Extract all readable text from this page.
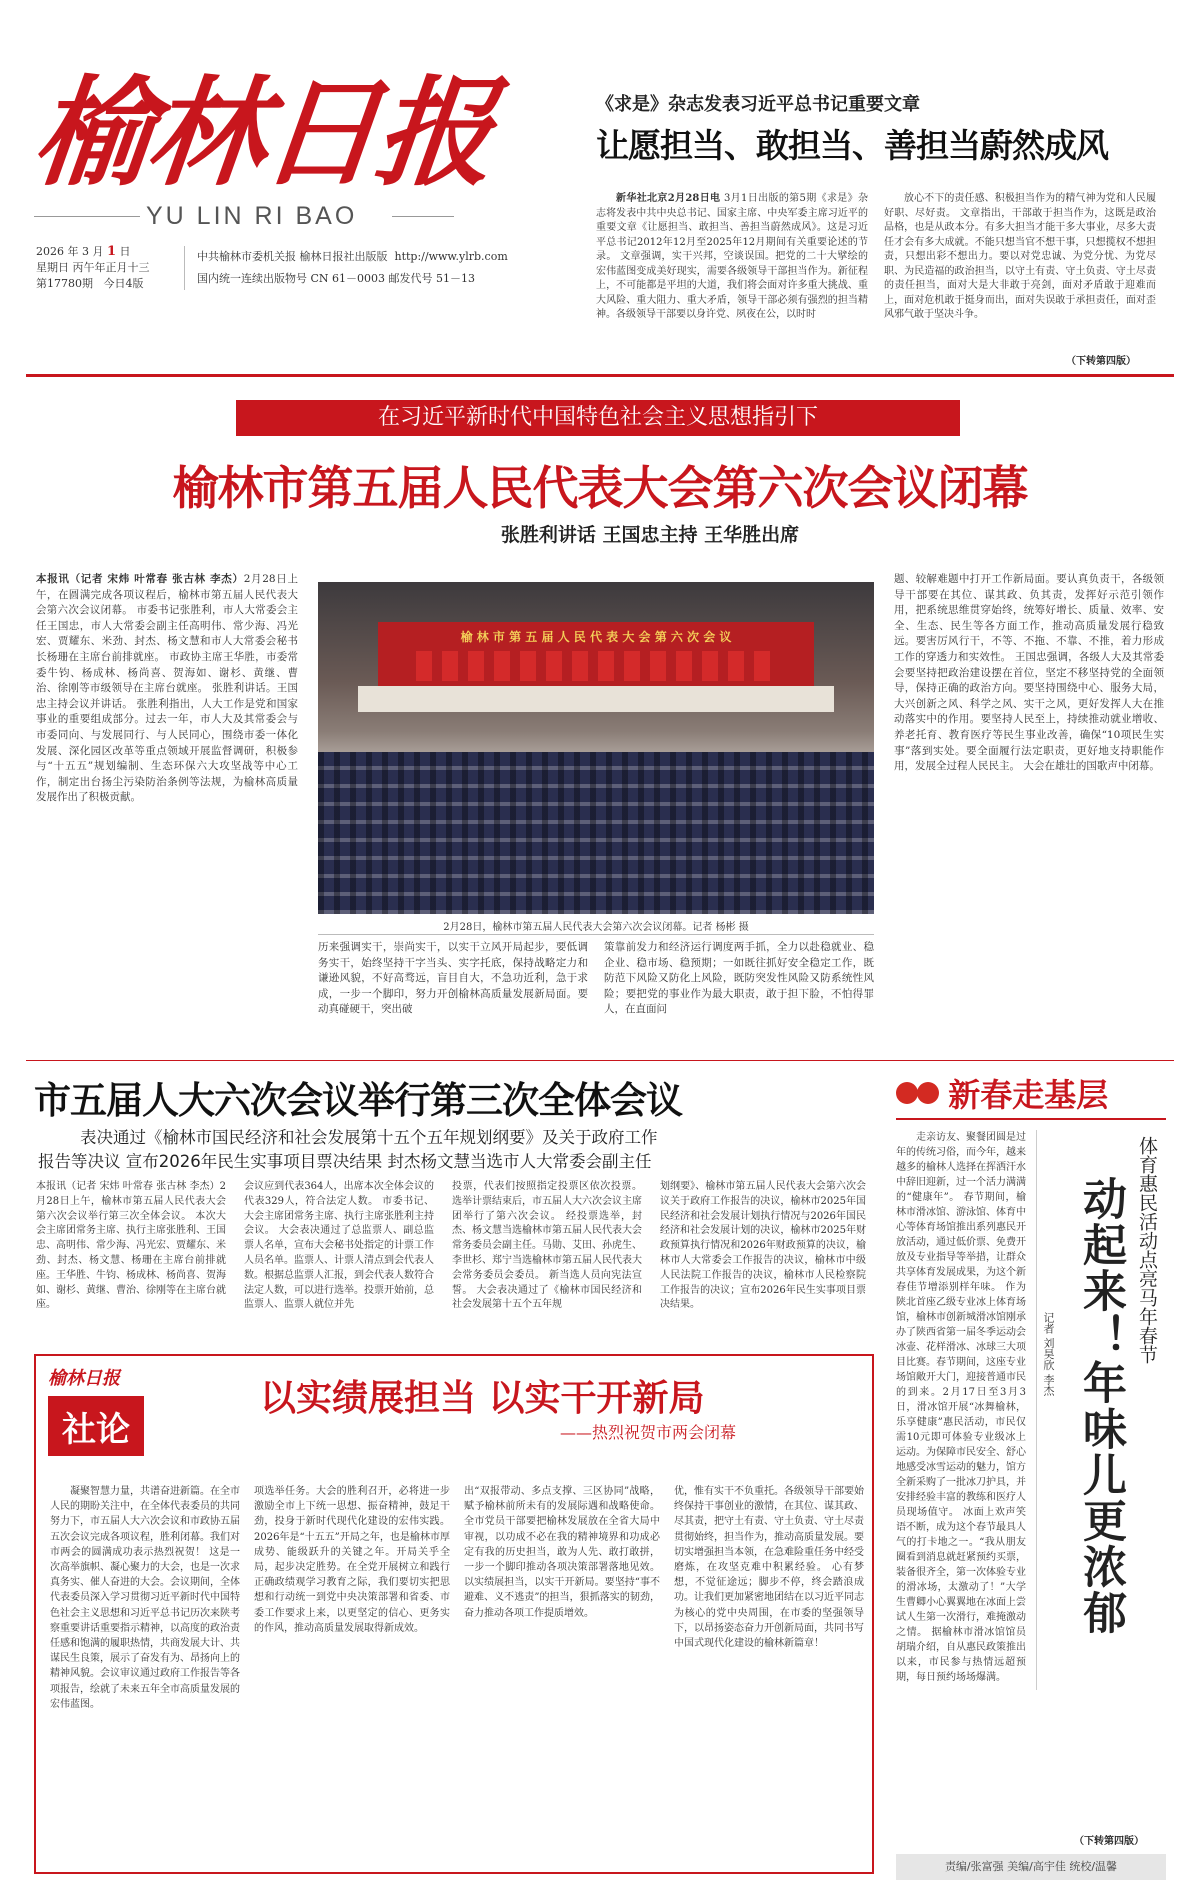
榆林日报
YU LIN RI BAO
2026 年 3 月 1 日
星期日 丙午年正月十三
第17780期 今日4版
中共榆林市委机关报 榆林日报社出版版 http://www.ylrb.com
国内统一连续出版物号 CN 61－0003 邮发代号 51－13
《求是》杂志发表习近平总书记重要文章
让愿担当、敢担当、善担当蔚然成风

新华社北京2月28日电 3月1日出版的第5期《求是》杂志将发表中共中央总书记、国家主席、中央军委主席习近平的重要文章《让愿担当、敢担当、善担当蔚然成风》。这是习近平总书记2012年12月至2025年12月期间有关重要论述的节录。 文章强调，实干兴邦，空谈误国。把党的二十大擘绘的宏伟蓝图变成美好现实，需要各级领导干部担当作为。新征程上，不可能都是平坦的大道，我们将会面对许多重大挑战、重大风险、重大阻力、重大矛盾，领导干部必须有强烈的担当精神。各级领导干部要以身许党、夙夜在公，以时时

放心不下的责任感、积极担当作为的精气神为党和人民履好职、尽好责。 文章指出，干部敢于担当作为，这既是政治品格，也是从政本分。有多大担当才能干多大事业，尽多大责任才会有多大成就。不能只想当官不想干事，只想揽权不想担责，只想出彩不想出力。要以对党忠诚、为党分忧、为党尽职、为民造福的政治担当，以守土有责、守土负责、守土尽责的责任担当，面对大是大非敢于亮剑，面对矛盾敢于迎难而上，面对危机敢于挺身而出，面对失误敢于承担责任，面对歪风邪气敢于坚决斗争。

（下转第四版）
在习近平新时代中国特色社会主义思想指引下
榆林市第五届人民代表大会第六次会议闭幕
张胜利讲话 王国忠主持 王华胜出席

本报讯（记者 宋炜 叶常春 张古林 李杰）2月28日上午，在圆满完成各项议程后，榆林市第五届人民代表大会第六次会议闭幕。 市委书记张胜利，市人大常委会主任王国忠，市人大常委会副主任高明伟、常少海、冯光宏、贾耀东、米劲、封杰、杨文慧和市人大常委会秘书长杨珊在主席台前排就座。 市政协主席王华胜，市委常委牛钧、杨成林、杨尚喜、贺海如、谢杉、黄继、曹治、徐刚等市级领导在主席台就座。 张胜利讲话。王国忠主持会议并讲话。 张胜利指出，人大工作是党和国家事业的重要组成部分。过去一年，市人大及其常委会与市委同向、与发展同行、与人民同心，围绕市委一体化发展、深化园区改革等重点领域开展监督调研，积极参与“十五五”规划编制、生态环保六大攻坚战等中心工作，制定出台扬尘污染防治条例等法规，为榆林高质量发展作出了积极贡献。

榆 林 市 第 五 届 人 民 代 表 大 会 第 六 次 会 议
2月28日，榆林市第五届人民代表大会第六次会议闭幕。记者 杨彬 摄

历来强调实干，崇尚实干，以实干立风开局起步，要低调务实干，始终坚持干字当头、实字托底，保持战略定力和谦逊风貌，不好高骛远，盲目自大，不急功近利，急于求成，一步一个脚印，努力开创榆林高质量发展新局面。要动真碰硬干，突出破

策靠前发力和经济运行调度两手抓，全力以赴稳就业、稳企业、稳市场、稳预期；一如既往抓好安全稳定工作，既防范下风险又防化上风险，既防突发性风险又防系统性风险；要把党的事业作为最大职责，敢于担下脸，不怕得罪人，在直面问

题、较解难题中打开工作新局面。要认真负责干，各级领导干部要在其位、谋其政、负其责，发挥好示范引领作用，把系统思维贯穿始终，统筹好增长、质量、效率、安全、生态、民生等各方面工作，推动高质量发展行稳致远。要害厉风行干，不等、不拖、不靠、不推，着力形成工作的穿透力和实效性。 王国忠强调，各级人大及其常委会要坚持把政治建设摆在首位，坚定不移坚持党的全面领导，保持正确的政治方向。要坚持围绕中心、服务大局，大兴创新之风、科学之风、实干之风，更好发挥人大在推动落实中的作用。要坚持人民至上，持续推动就业增收、养老托育、教育医疗等民生事业改善，确保“10项民生实事”落到实处。要全面履行法定职责，更好地支持职能作用，发展全过程人民民主。 大会在雄壮的国歌声中闭幕。

市五届人大六次会议举行第三次全体会议
表决通过《榆林市国民经济和社会发展第十五个五年规划纲要》及关于政府工作
报告等决议 宣布2026年民生实事项目票决结果 封杰杨文慧当选市人大常委会副主任

本报讯（记者 宋炜 叶常春 张古林 李杰）2月28日上午，榆林市第五届人民代表大会第六次会议举行第三次全体会议。 本次大会主席团常务主席、执行主席张胜利、王国忠、高明伟、常少海、冯光宏、贾耀东、米劲、封杰、杨文慧、杨珊在主席台前排就座。王华胜、牛钧、杨成林、杨尚喜、贺海如、谢杉、黄继、曹治、徐刚等在主席台就座。

会议应到代表364人，出席本次全体会议的代表329人，符合法定人数。 市委书记、大会主席团常务主席、执行主席张胜利主持会议。 大会表决通过了总监票人、副总监票人名单，宣布大会秘书处指定的计票工作人员名单。监票人、计票人清点到会代表人数。根据总监票人汇报，到会代表人数符合法定人数，可以进行选举。投票开始前，总监票人、监票人就位并先

投票，代表们按照指定投票区依次投票。 选举计票结束后，市五届人大六次会议主席团举行了第六次会议。 经投票选举，封杰、杨文慧当选榆林市第五届人民代表大会常务委员会副主任。马勋、艾田、孙虎生、李世杉、郑宁当选榆林市第五届人民代表大会常务委员会委员。 新当选人员向宪法宣誓。 大会表决通过了《榆林市国民经济和社会发展第十五个五年规

划纲要》、榆林市第五届人民代表大会第六次会议关于政府工作报告的决议，榆林市2025年国民经济和社会发展计划执行情况与2026年国民经济和社会发展计划的决议，榆林市2025年财政预算执行情况和2026年财政预算的决议，榆林市人大常委会工作报告的决议，榆林市中级人民法院工作报告的决议，榆林市人民检察院工作报告的决议；宣布2026年民生实事项目票决结果。

榆林日报
社论
以实绩展担当 以实干开新局
——热烈祝贺市两会闭幕

凝聚智慧力量，共谱奋进新篇。在全市人民的期盼关注中，在全体代表委员的共同努力下，市五届人大六次会议和市政协五届五次会议完成各项议程，胜利闭幕。我们对市两会的圆满成功表示热烈祝贺！ 这是一次高举旗帜、凝心聚力的大会，也是一次求真务实、催人奋进的大会。会议期间，全体代表委员深入学习贯彻习近平新时代中国特色社会主义思想和习近平总书记历次来陕考察重要讲话重要指示精神，以高度的政治责任感和饱满的履职热情，共商发展大计、共谋民生良策，展示了奋发有为、昂扬向上的精神风貌。会议审议通过政府工作报告等各项报告，绘就了未来五年全市高质量发展的宏伟蓝图。

项选举任务。大会的胜利召开，必将进一步激励全市上下统一思想、振奋精神，鼓足干劲，投身于新时代现代化建设的宏伟实践。 2026年是“十五五”开局之年，也是榆林市厚成势、能级跃升的关键之年。开局关乎全局，起步决定胜势。在全党开展树立和践行正确政绩观学习教育之际，我们要切实把思想和行动统一到党中央决策部署和省委、市委工作要求上来，以更坚定的信心、更务实的作风，推动高质量发展取得新成效。

出“双报带动、多点支撑、三区协同”战略，赋予榆林前所未有的发展际遇和战略使命。全市党员干部要把榆林发展放在全省大局中审视，以功成不必在我的精神境界和功成必定有我的历史担当，敢为人先、敢打敢拼，一步一个脚印推动各项决策部署落地见效。 以实绩展担当，以实干开新局。要坚持“事不避难、义不逃责”的担当，狠抓落实的韧劲，奋力推动各项工作提质增效。

优，惟有实干不负重托。各级领导干部要始终保持干事创业的激情，在其位、谋其政、尽其责，把守土有责、守土负责、守土尽责贯彻始终，担当作为，推动高质量发展。要切实增强担当本领，在急难险重任务中经受磨炼，在攻坚克难中积累经验。 心有梦想，不觉征途远；脚步不停，终会踏浪成功。让我们更加紧密地团结在以习近平同志为核心的党中央周围，在市委的坚强领导下，以昂扬姿态奋力开创新局面，共同书写中国式现代化建设的榆林新篇章！

新春走基层

走亲访友、聚餐团圆是过年的传统习俗，而今年，越来越多的榆林人选择在挥洒汗水中辞旧迎新，过一个活力满满的“健康年”。 春节期间，榆林市滑冰馆、游泳馆、体育中心等体育场馆推出系列惠民开放活动，通过低价票、免费开放及专业指导等举措，让群众共享体育发展成果，为这个新春佳节增添别样年味。 作为陕北首座乙级专业冰上体育场馆，榆林市创新城滑冰馆刚承办了陕西省第一届冬季运动会冰壶、花样滑冰、冰球三大项目比赛。春节期间，这座专业场馆敞开大门，迎接普通市民的到来。2月17日至3月3日，滑冰馆开展“冰舞榆林，乐享健康”惠民活动，市民仅需10元即可体验专业级冰上运动。为保障市民安全、舒心地感受冰雪运动的魅力，馆方全新采购了一批冰刀护具，并安排经验丰富的教练和医疗人员现场值守。 冰面上欢声笑语不断，成为这个春节最具人气的打卡地之一。“我从朋友圈看到消息就赶紧预约买票，装备很齐全，第一次体验专业的滑冰场，太激动了！”大学生曹卿小心翼翼地在冰面上尝试人生第一次滑行，难掩激动之情。 据榆林市滑冰馆馆员胡瑞介绍，自从惠民政策推出以来，市民参与热情远超预期，每日预约场场爆满。

体育惠民活动点亮马年春节
动起来！年味儿更浓郁
记者 刘昊欣 李杰

（下转第四版）
责编/张富强 美编/高宇佳 统校/温馨
